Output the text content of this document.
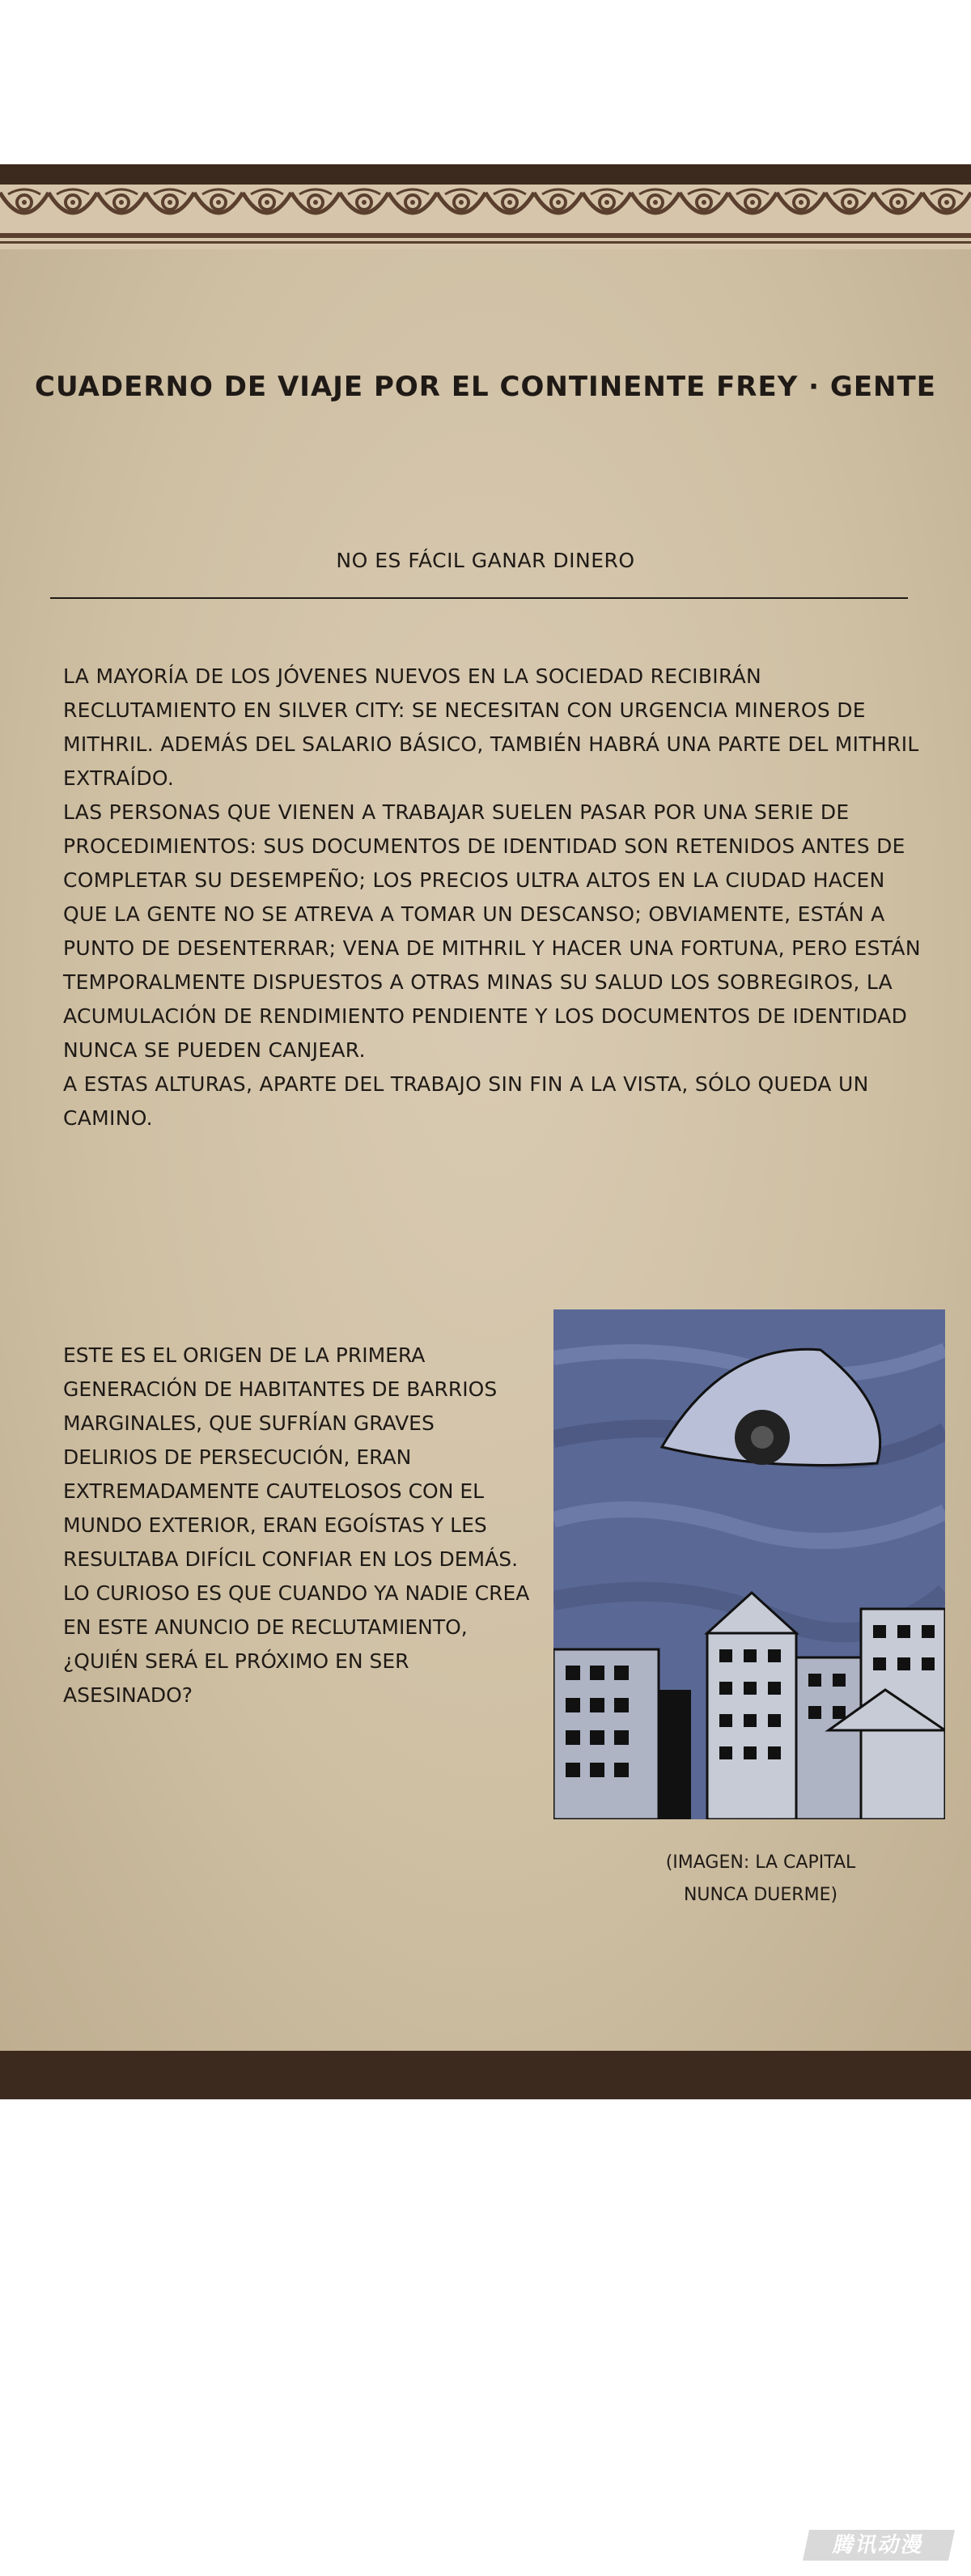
CUADERNO DE VIAJE POR EL CONTINENTE FREY · GENTE
NO ES FÁCIL GANAR DINERO

LA MAYORÍA DE LOS JÓVENES NUEVOS EN LA SOCIEDAD RECIBIRÁN RECLUTAMIENTO EN SILVER CITY: SE NECESITAN CON URGENCIA MINEROS DE MITHRIL. ADEMÁS DEL SALARIO BÁSICO, TAMBIÉN HABRÁ UNA PARTE DEL MITHRIL EXTRAÍDO.

LAS PERSONAS QUE VIENEN A TRABAJAR SUELEN PASAR POR UNA SERIE DE PROCEDIMIENTOS: SUS DOCUMENTOS DE IDENTIDAD SON RETENIDOS ANTES DE COMPLETAR SU DESEMPEÑO; LOS PRECIOS ULTRA ALTOS EN LA CIUDAD HACEN QUE LA GENTE NO SE ATREVA A TOMAR UN DESCANSO; OBVIAMENTE, ESTÁN A PUNTO DE DESENTERRAR; VENA DE MITHRIL Y HACER UNA FORTUNA, PERO ESTÁN TEMPORALMENTE DISPUESTOS A OTRAS MINAS SU SALUD LOS SOBREGIROS, LA ACUMULACIÓN DE RENDIMIENTO PENDIENTE Y LOS DOCUMENTOS DE IDENTIDAD NUNCA SE PUEDEN CANJEAR.

A ESTAS ALTURAS, APARTE DEL TRABAJO SIN FIN A LA VISTA, SÓLO QUEDA UN CAMINO.

ESTE ES EL ORIGEN DE LA PRIMERA GENERACIÓN DE HABITANTES DE BARRIOS MARGINALES, QUE SUFRÍAN GRAVES DELIRIOS DE PERSECUCIÓN, ERAN EXTREMADAMENTE CAUTELOSOS CON EL MUNDO EXTERIOR, ERAN EGOÍSTAS Y LES RESULTABA DIFÍCIL CONFIAR EN LOS DEMÁS.

LO CURIOSO ES QUE CUANDO YA NADIE CREA EN ESTE ANUNCIO DE RECLUTAMIENTO, ¿QUIÉN SERÁ EL PRÓXIMO EN SER ASESINADO?

(IMAGEN: LA CAPITAL
NUNCA DUERME)
腾讯动漫
